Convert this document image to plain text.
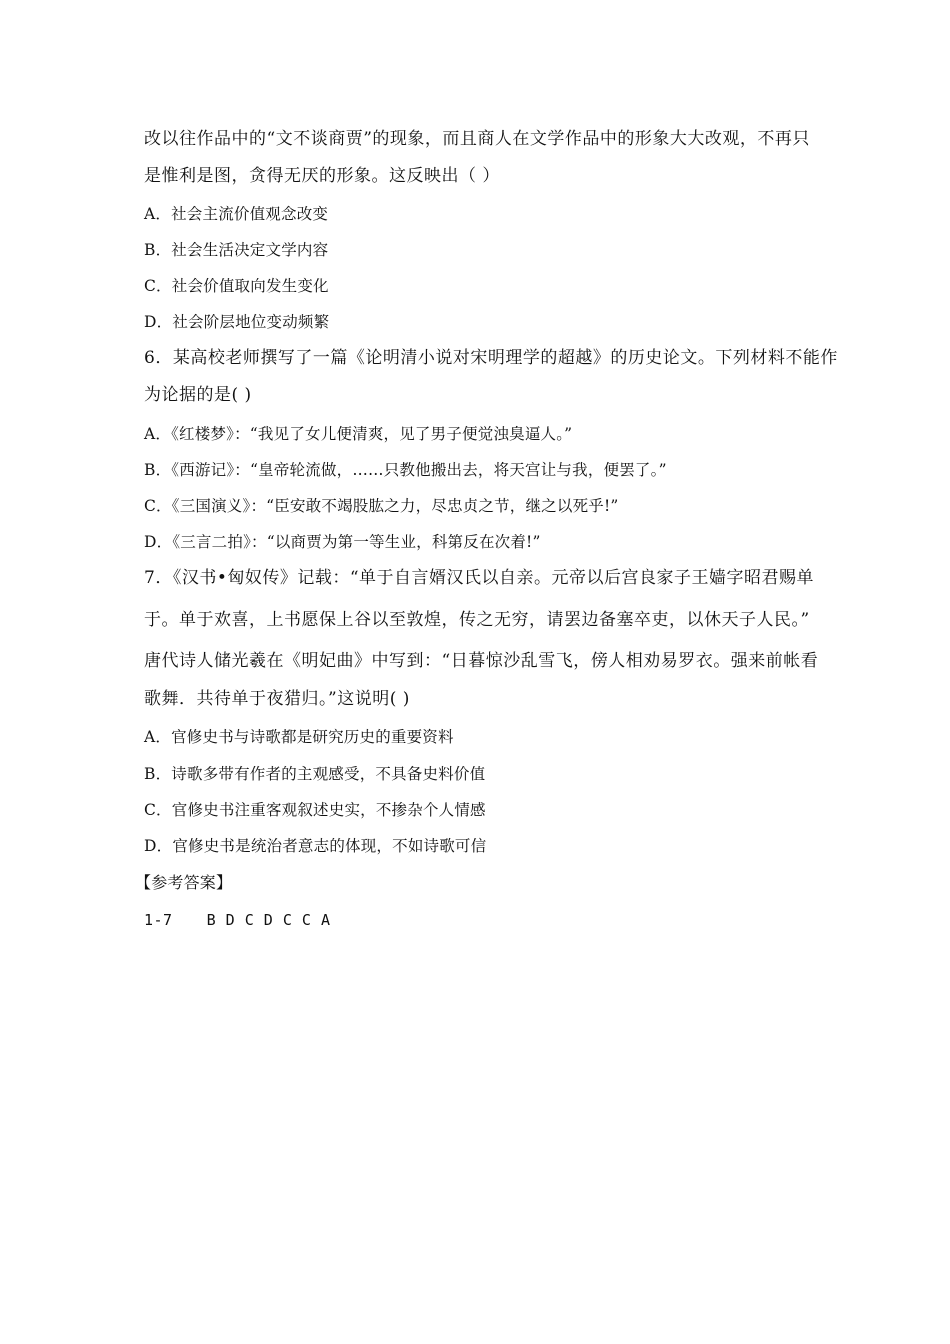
改以往作品中的“文不谈商贾”的现象，而且商人在文学作品中的形象大大改观，不再只
是惟利是图，贪得无厌的形象。这反映出（ ）
A．社会主流价值观念改变
B．社会生活决定文学内容
C．社会价值取向发生变化
D．社会阶层地位变动频繁
6．某高校老师撰写了一篇《论明清小说对宋明理学的超越》的历史论文。下列材料不能作
为论据的是( )
A．《红楼梦》：“我见了女儿便清爽，见了男子便觉浊臭逼人。”
B．《西游记》：“皇帝轮流做，……只教他搬出去，将天宫让与我，便罢了。”
C．《三国演义》：“臣安敢不竭股肱之力，尽忠贞之节，继之以死乎!”
D．《三言二拍》：“以商贾为第一等生业，科第反在次着!”
7．《汉书•匈奴传》记载：“单于自言婿汉氏以自亲。元帝以后宫良家子王嫱字昭君赐单
于。单于欢喜，上书愿保上谷以至敦煌，传之无穷，请罢边备塞卒吏，以休天子人民。”
唐代诗人储光羲在《明妃曲》中写到：“日暮惊沙乱雪飞，傍人相劝易罗衣。强来前帐看
歌舞．共待单于夜猎归。”这说明( )
A．官修史书与诗歌都是研究历史的重要资料
B．诗歌多带有作者的主观感受，不具备史料价值
C．官修史书注重客观叙述史实，不掺杂个人情感
D．官修史书是统治者意志的体现，不如诗歌可信
【参考答案】
1-7 B D C D C C A
